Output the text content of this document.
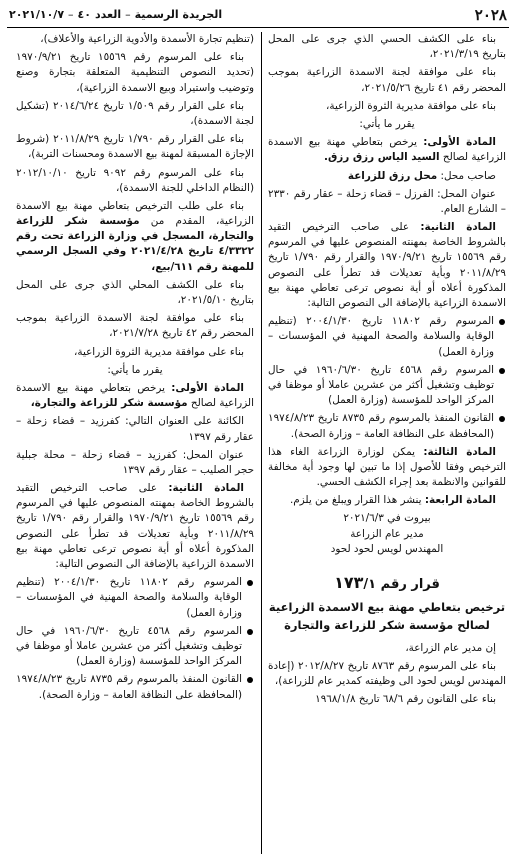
٢٠٢٨
الجريدة الرسمية
–
العدد
٤٠
–
٢٠٢١/١٠/٧

بناء على الكشف الحسي الذي جرى على المحل بتاريخ ٢٠٢١/٣/١٩،

بناء على موافقة لجنة الاسمدة الزراعية بموجب المحضر رقم ٤١ تاريخ ٢٠٢١/٥/٢٦،

بناء على موافقة مديرية الثروة الزراعية،

يقرر ما يأتي:

المادة الأولى: يرخص بتعاطي مهنة بيع الاسمدة الزراعية لصالح السيد الياس رزق رزق.

صاحب محل: محل رزق للزراعة

عنوان المحل: الفرزل – قضاء زحلة – عقار رقم ٢٣٣٠ – الشارع العام.

المادة الثانية: على صاحب الترخيص التقيد بالشروط الخاصة بمهنته المنصوص عليها في المرسوم رقم ١٥٥٦٩ تاريخ ١٩٧٠/٩/٢١ والقرار رقم ١/٧٩٠ تاريخ ٢٠١١/٨/٢٩ وبأية تعديلات قد تطرأ على النصوص المذكورة أعلاه أو أية نصوص ترعى تعاطي مهنة بيع الاسمدة الزراعية بالإضافة الى النصوص التالية:

المرسوم رقم ١١٨٠٢ تاريخ ٢٠٠٤/١/٣٠ (تنظيم الوقاية والسلامة والصحة المهنية في المؤسسات – وزارة العمل)

المرسوم رقم ٤٥٦٨ تاريخ ١٩٦٠/٦/٣٠ في حال توظيف وتشغيل أكثر من عشرين عاملا أو موظفا في المركز الواحد للمؤسسة (وزارة العمل)

القانون المنفذ بالمرسوم رقم ٨٧٣٥ تاريخ ١٩٧٤/٨/٢٣ (المحافظة على النظافة العامة – وزارة الصحة).

المادة الثالثة: يمكن لوزارة الزراعة الغاء هذا الترخيص وفقا للأصول إذا ما تبين لها وجود أية مخالفة للقوانين والانظمة بعد إجراء الكشف الحسي.

المادة الرابعة: ينشر هذا القرار ويبلغ من يلزم.

بيروت في ٢٠٢١/٦/٣

مدير عام الزراعة

المهندس لويس لحود لحود

قرار رقم ١٧٣/١
ترخيص بتعاطي مهنة بيع الاسمدة الزراعية
لصالح مؤسسة شكر للزراعة والتجارة

إن مدير عام الزراعة،

بناء على المرسوم رقم ٨٧٦٣ تاريخ ٢٠١٢/٨/٢٧ (إعادة المهندس لويس لحود الى وظيفته كمدير عام للزراعة)،

بناء على القانون رقم ٦٨/٦ تاريخ ١٩٦٨/١/٨

(تنظيم تجارة الأسمدة والأدوية الزراعية والأعلاف)،

بناء على المرسوم رقم ١٥٥٦٩ تاريخ ١٩٧٠/٩/٢١ (تحديد النصوص التنظيمية المتعلقة بتجارة وصنع وتوضيب واستيراد وبيع الاسمدة الزراعية)،

بناء على القرار رقم ١/٥٠٩ تاريخ ٢٠١٤/٦/٢٤ (تشكيل لجنة الاسمدة)،

بناء على القرار رقم ١/٧٩٠ تاريخ ٢٠١١/٨/٢٩ (شروط الإجازة المسبقة لمهنة بيع الاسمدة ومحسنات التربة)،

بناء على المرسوم رقم ٩٠٩٢ تاريخ ٢٠١٢/١٠/١٠ (النظام الداخلي للجنة الاسمدة)،

بناء على طلب الترخيص بتعاطي مهنة بيع الاسمدة الزراعية، المقدم من مؤسسة شكر للزراعة والتجارة، المسجل في وزارة الزراعة تحت رقم ٤/٣٣٢٢ تاريخ ٢٠٢١/٤/٢٨ وفي السجل الرسمي للمهنة رقم ٦١١/بيع،

بناء على الكشف المحلي الذي جرى على المحل بتاريخ ٢٠٢١/٥/١٠،

بناء على موافقة لجنة الاسمدة الزراعية بموجب المحضر رقم ٤٢ تاريخ ٢٠٢١/٧/٢٨،

بناء على موافقة مديرية الثروة الزراعية،

يقرر ما يأتي:

المادة الأولى: يرخص بتعاطي مهنة بيع الاسمدة الزراعية لصالح مؤسسة شكر للزراعة والتجارة،

الكائنة على العنوان التالي: كفرزيد – قضاء زحلة – عقار رقم ١٣٩٧

عنوان المحل: كفرزيد – قضاء زحلة – محلة جبلية حجر الصليب – عقار رقم ١٣٩٧

المادة الثانية: على صاحب الترخيص التقيد بالشروط الخاصة بمهنته المنصوص عليها في المرسوم رقم ١٥٥٦٩ تاريخ ١٩٧٠/٩/٢١ والقرار رقم ١/٧٩٠ تاريخ ٢٠١١/٨/٢٩ وبأية تعديلات قد تطرأ على النصوص المذكورة أعلاه أو أية نصوص ترعى تعاطي مهنة بيع الاسمدة الزراعية بالإضافة الى النصوص التالية:

المرسوم رقم ١١٨٠٢ تاريخ ٢٠٠٤/١/٣٠ (تنظيم الوقاية والسلامة والصحة المهنية في المؤسسات – وزارة العمل)

المرسوم رقم ٤٥٦٨ تاريخ ١٩٦٠/٦/٣٠ في حال توظيف وتشغيل أكثر من عشرين عاملا أو موظفا في المركز الواحد للمؤسسة (وزارة العمل)

القانون المنفذ بالمرسوم رقم ٨٧٣٥ تاريخ ١٩٧٤/٨/٢٣ (المحافظة على النظافة العامة – وزارة الصحة).
